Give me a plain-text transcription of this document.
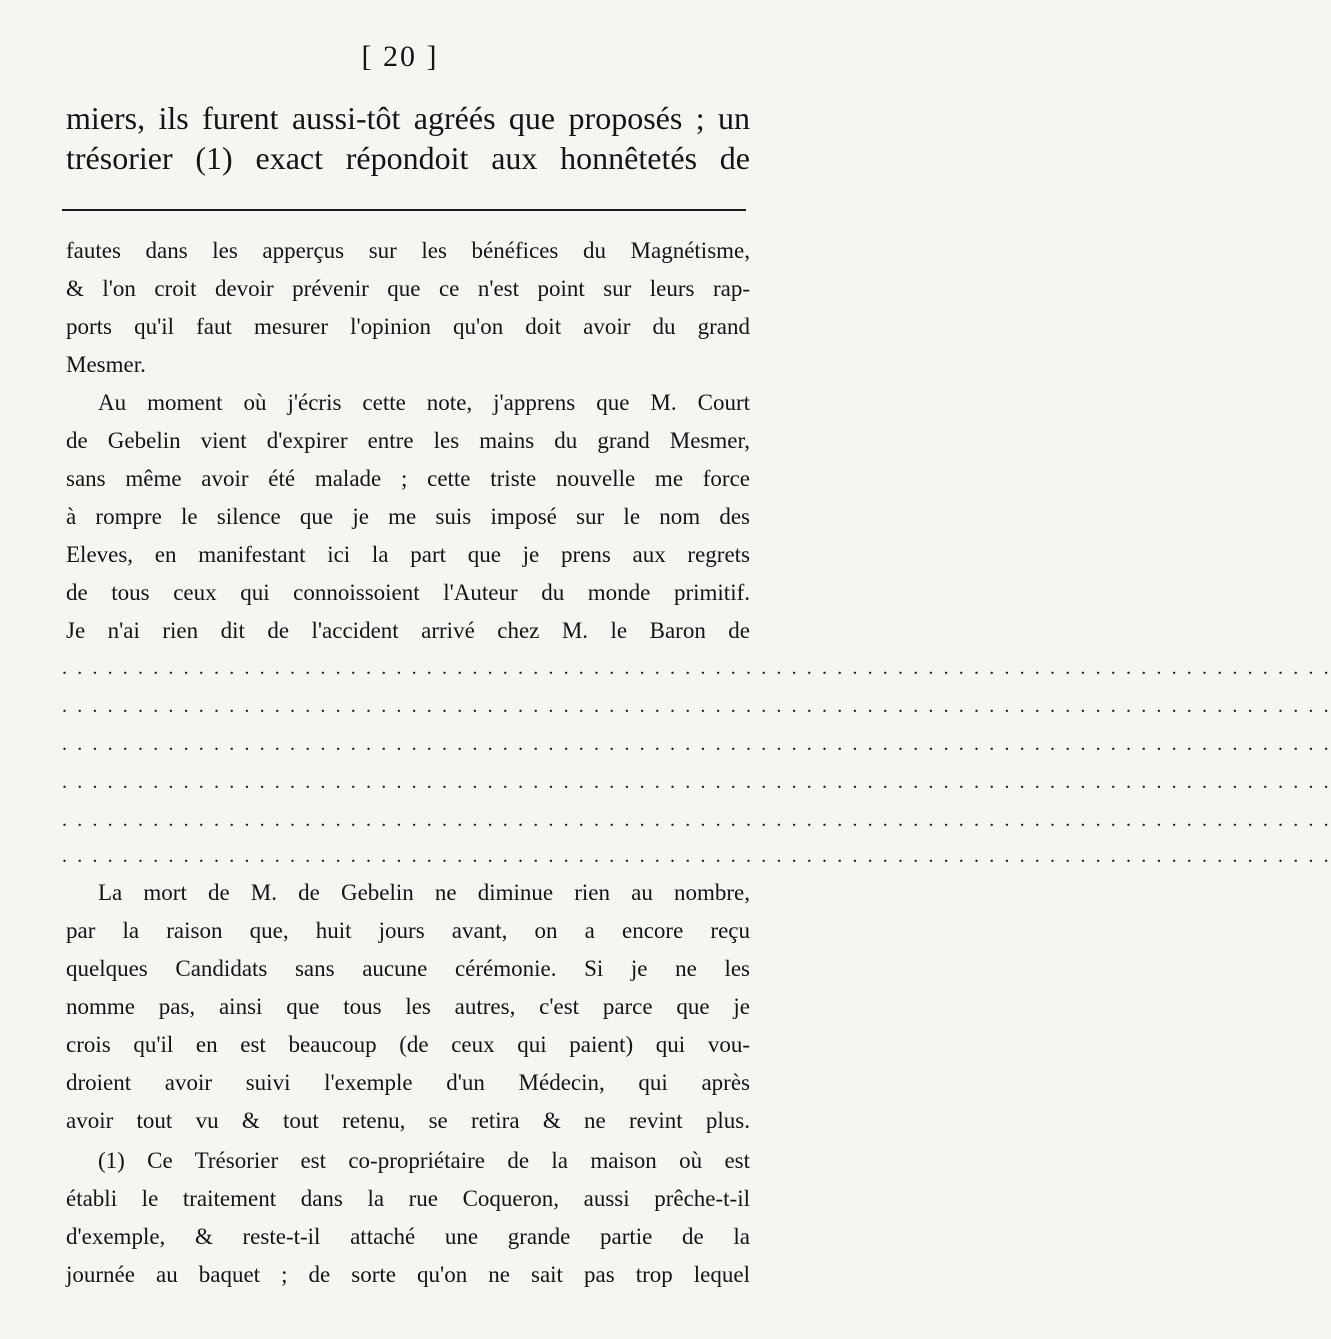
[ 20 ]
miers, ils furent aussi-tôt agréés que proposés ; un
trésorier (1) exact répondoit aux honnêtetés de
fautes dans les apperçus sur les bénéfices du Magnétisme,
& l'on croit devoir prévenir que ce n'est point sur leurs rap-
ports qu'il faut mesurer l'opinion qu'on doit avoir du grand
Mesmer.
Au moment où j'écris cette note, j'apprens que M. Court
de Gebelin vient d'expirer entre les mains du grand Mesmer,
sans même avoir été malade ; cette triste nouvelle me force
à rompre le silence que je me suis imposé sur le nom des
Eleves, en manifestant ici la part que je prens aux regrets
de tous ceux qui connoissoient l'Auteur du monde primitif.
Je n'ai rien dit de l'accident arrivé chez M. le Baron de
. . . . . . . . . . . . . . . . . . . . . . . . . . . . . . . . . . . . . . . . . . . . . . . . . . . . . . . . . . . . . . . . . . . . . . . . . . . . . . . . . . . .
. . . . . . . . . . . . . . . . . . . . . . . . . . . . . . . . . . . . . . . . . . . . . . . . . . . . . . . . . . . . . . . . . . . . . . . . . . . . . . . . . . . .
. . . . . . . . . . . . . . . . . . . . . . . . . . . . . . . . . . . . . . . . . . . . . . . . . . . . . . . . . . . . . . . . . . . . . . . . . . . . . . . . . . . .
. . . . . . . . . . . . . . . . . . . . . . . . . . . . . . . . . . . . . . . . . . . . . . . . . . . . . . . . . . . . . . . . . . . . . . . . . . . . . . . . . . . .
. . . . . . . . . . . . . . . . . . . . . . . . . . . . . . . . . . . . . . . . . . . . . . . . . . . . . . . . . . . . . . . . . . . . . . . . . . . . . . . . . . . .
. . . . . . . . . . . . . . . . . . . . . . . . . . . . . . . . . . . . . . . . . . . . . . . . . . . . . . . . . . . . . . . . . . . . . . . . . . . . . . . . . . . .
La mort de M. de Gebelin ne diminue rien au nombre,
par la raison que, huit jours avant, on a encore reçu
quelques Candidats sans aucune cérémonie. Si je ne les
nomme pas, ainsi que tous les autres, c'est parce que je
crois qu'il en est beaucoup (de ceux qui paient) qui vou-
droient avoir suivi l'exemple d'un Médecin, qui après
avoir tout vu & tout retenu, se retira & ne revint plus.
(1) Ce Trésorier est co-propriétaire de la maison où est
établi le traitement dans la rue Coqueron, aussi prêche-t-il
d'exemple, & reste-t-il attaché une grande partie de la
journée au baquet ; de sorte qu'on ne sait pas trop lequel
